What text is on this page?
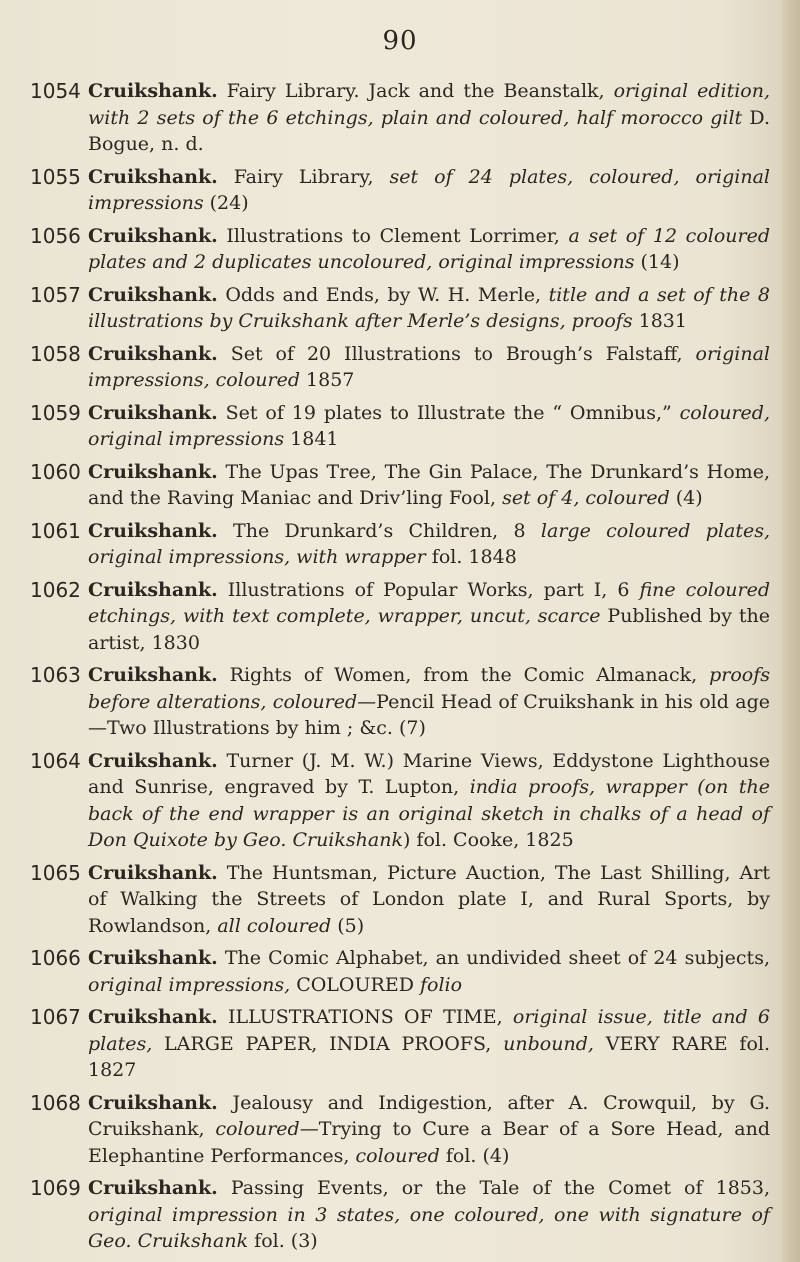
90
1054 Cruikshank. Fairy Library. Jack and the Beanstalk, original edition, with 2 sets of the 6 etchings, plain and coloured, half morocco gilt D. Bogue, n. d.
1055 Cruikshank. Fairy Library, set of 24 plates, coloured, original impressions (24)
1056 Cruikshank. Illustrations to Clement Lorrimer, a set of 12 coloured plates and 2 duplicates uncoloured, original impressions (14)
1057 Cruikshank. Odds and Ends, by W. H. Merle, title and a set of the 8 illustrations by Cruikshank after Merle’s designs, proofs 1831
1058 Cruikshank. Set of 20 Illustrations to Brough’s Falstaff, original impressions, coloured 1857
1059 Cruikshank. Set of 19 plates to Illustrate the “ Omnibus,” coloured, original impressions 1841
1060 Cruikshank. The Upas Tree, The Gin Palace, The Drunkard’s Home, and the Raving Maniac and Driv’ling Fool, set of 4, coloured (4)
1061 Cruikshank. The Drunkard’s Children, 8 large coloured plates, original impressions, with wrapper fol. 1848
1062 Cruikshank. Illustrations of Popular Works, part I, 6 fine coloured etchings, with text complete, wrapper, uncut, scarce Published by the artist, 1830
1063 Cruikshank. Rights of Women, from the Comic Almanack, proofs before alterations, coloured—Pencil Head of Cruikshank in his old age—Two Illustrations by him ; &c. (7)
1064 Cruikshank. Turner (J. M. W.) Marine Views, Eddystone Lighthouse and Sunrise, engraved by T. Lupton, india proofs, wrapper (on the back of the end wrapper is an original sketch in chalks of a head of Don Quixote by Geo. Cruikshank) fol. Cooke, 1825
1065 Cruikshank. The Huntsman, Picture Auction, The Last Shilling, Art of Walking the Streets of London plate I, and Rural Sports, by Rowlandson, all coloured (5)
1066 Cruikshank. The Comic Alphabet, an undivided sheet of 24 subjects, original impressions, COLOURED folio
1067 Cruikshank. ILLUSTRATIONS OF TIME, original issue, title and 6 plates, LARGE PAPER, INDIA PROOFS, unbound, VERY RARE fol. 1827
1068 Cruikshank. Jealousy and Indigestion, after A. Crowquil, by G. Cruikshank, coloured—Trying to Cure a Bear of a Sore Head, and Elephantine Performances, coloured fol. (4)
1069 Cruikshank. Passing Events, or the Tale of the Comet of 1853, original impression in 3 states, one coloured, one with signature of Geo. Cruikshank fol. (3)
